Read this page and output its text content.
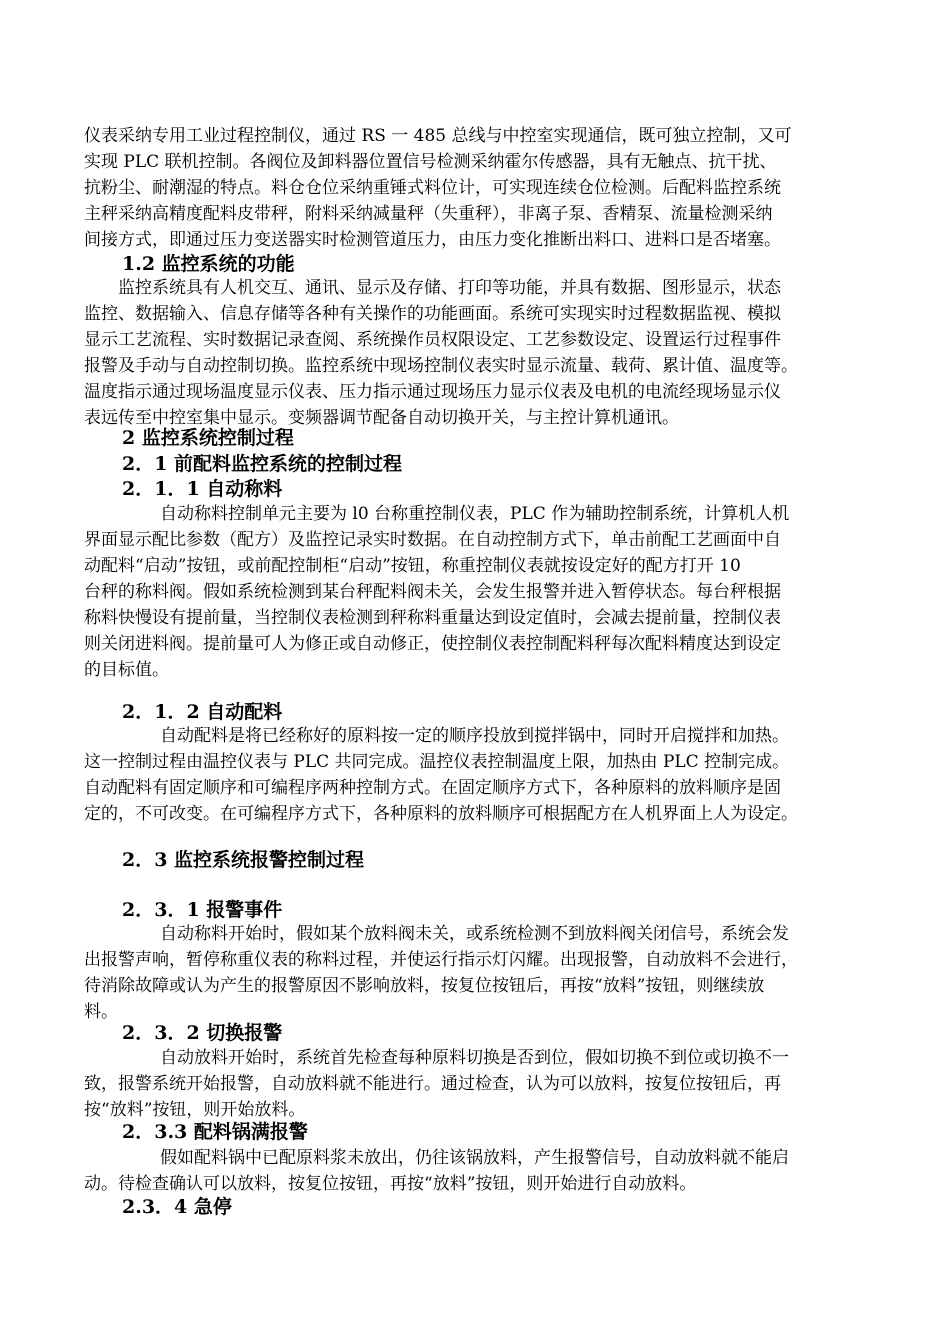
仪表采纳专用工业过程控制仪，通过 RS 一 485 总线与中控室实现通信，既可独立控制，又可
实现 PLC 联机控制。各阀位及卸料器位置信号检测采纳霍尔传感器，具有无触点、抗干扰、
抗粉尘、耐潮湿的特点。料仓仓位采纳重锤式料位计，可实现连续仓位检测。后配料监控系统
主秤采纳高精度配料皮带秤，附料采纳减量秤（失重秤），非离子泵、香精泵、流量检测采纳
间接方式，即通过压力变送器实时检测管道压力，由压力变化推断出料口、进料口是否堵塞。
1.2 监控系统的功能
监控系统具有人机交互、通讯、显示及存储、打印等功能，并具有数据、图形显示，状态
监控、数据输入、信息存储等各种有关操作的功能画面。系统可实现实时过程数据监视、模拟
显示工艺流程、实时数据记录查阅、系统操作员权限设定、工艺参数设定、设置运行过程事件
报警及手动与自动控制切换。监控系统中现场控制仪表实时显示流量、载荷、累计值、温度等。
温度指示通过现场温度显示仪表、压力指示通过现场压力显示仪表及电机的电流经现场显示仪
表远传至中控室集中显示。变频器调节配备自动切换开关，与主控计算机通讯。
2 监控系统控制过程
2．1 前配料监控系统的控制过程
2．1．1 自动称料
自动称料控制单元主要为 l0 台称重控制仪表，PLC 作为辅助控制系统，计算机人机
界面显示配比参数（配方）及监控记录实时数据。在自动控制方式下，单击前配工艺画面中自
动配料“启动”按钮，或前配控制柜“启动”按钮，称重控制仪表就按设定好的配方打开 10
台秤的称料阀。假如系统检测到某台秤配料阀未关，会发生报警并进入暂停状态。每台秤根据
称料快慢设有提前量，当控制仪表检测到秤称料重量达到设定值时，会减去提前量，控制仪表
则关闭进料阀。提前量可人为修正或自动修正，使控制仪表控制配料秤每次配料精度达到设定
的目标值。
2．1．2 自动配料
自动配料是将已经称好的原料按一定的顺序投放到搅拌锅中，同时开启搅拌和加热。
这一控制过程由温控仪表与 PLC 共同完成。温控仪表控制温度上限，加热由 PLC 控制完成。
自动配料有固定顺序和可编程序两种控制方式。在固定顺序方式下，各种原料的放料顺序是固
定的，不可改变。在可编程序方式下，各种原料的放料顺序可根据配方在人机界面上人为设定。
2．3 监控系统报警控制过程
2．3．1 报警事件
自动称料开始时，假如某个放料阀未关，或系统检测不到放料阀关闭信号，系统会发
出报警声响，暂停称重仪表的称料过程，并使运行指示灯闪耀。出现报警，自动放料不会进行，
待消除故障或认为产生的报警原因不影响放料，按复位按钮后，再按“放料”按钮，则继续放
料。
2．3．2 切换报警
自动放料开始时，系统首先检查每种原料切换是否到位，假如切换不到位或切换不一
致，报警系统开始报警，自动放料就不能进行。通过检查，认为可以放料，按复位按钮后，再
按“放料”按钮，则开始放料。
2．3.3 配料锅满报警
假如配料锅中已配原料浆未放出，仍往该锅放料，产生报警信号，自动放料就不能启
动。待检查确认可以放料，按复位按钮，再按“放料”按钮，则开始进行自动放料。
2.3．4 急停
